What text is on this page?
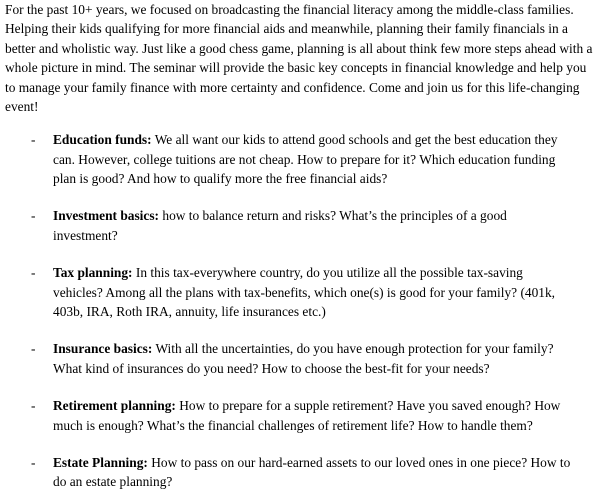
For the past 10+ years, we focused on broadcasting the financial literacy among the middle-class families. Helping their kids qualifying for more financial aids and meanwhile, planning their family financials in a better and wholistic way. Just like a good chess game, planning is all about think few more steps ahead with a whole picture in mind. The seminar will provide the basic key concepts in financial knowledge and help you to manage your family finance with more certainty and confidence. Come and join us for this life-changing event!

- Education funds: We all want our kids to attend good schools and get the best education they can. However, college tuitions are not cheap. How to prepare for it? Which education funding plan is good? And how to qualify more the free financial aids?
- Investment basics: how to balance return and risks? What’s the principles of a good investment?
- Tax planning: In this tax-everywhere country, do you utilize all the possible tax-saving vehicles? Among all the plans with tax-benefits, which one(s) is good for your family? (401k, 403b, IRA, Roth IRA, annuity, life insurances etc.)
- Insurance basics: With all the uncertainties, do you have enough protection for your family? What kind of insurances do you need? How to choose the best-fit for your needs?
- Retirement planning: How to prepare for a supple retirement? Have you saved enough? How much is enough? What’s the financial challenges of retirement life? How to handle them?
- Estate Planning: How to pass on our hard-earned assets to our loved ones in one piece? How to do an estate planning?
